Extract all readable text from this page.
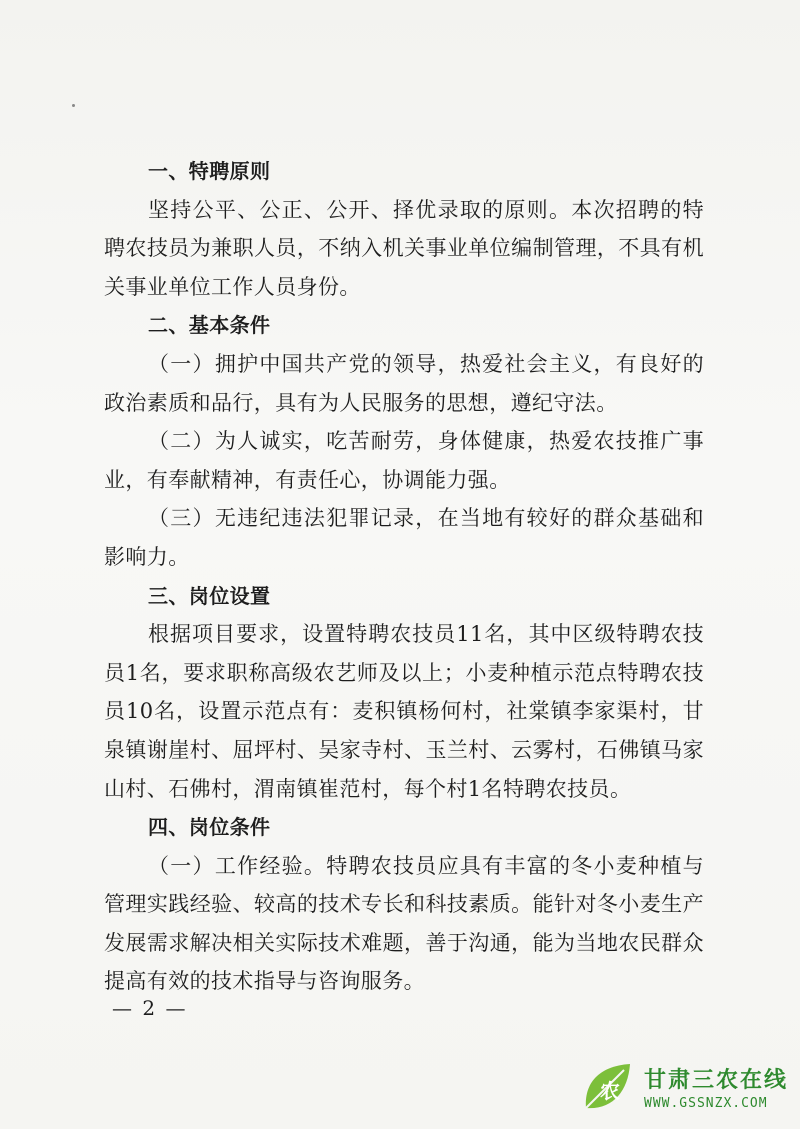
一、特聘原则

坚持公平、公正、公开、择优录取的原则。本次招聘的特聘农技员为兼职人员，不纳入机关事业单位编制管理，不具有机关事业单位工作人员身份。

二、基本条件

（一）拥护中国共产党的领导，热爱社会主义，有良好的政治素质和品行，具有为人民服务的思想，遵纪守法。

（二）为人诚实，吃苦耐劳，身体健康，热爱农技推广事业，有奉献精神，有责任心，协调能力强。

（三）无违纪违法犯罪记录，在当地有较好的群众基础和影响力。

三、岗位设置

根据项目要求，设置特聘农技员11名，其中区级特聘农技员1名，要求职称高级农艺师及以上；小麦种植示范点特聘农技员10名，设置示范点有：麦积镇杨何村，社棠镇李家渠村，甘泉镇谢崖村、屈坪村、吴家寺村、玉兰村、云雾村，石佛镇马家山村、石佛村，渭南镇崔范村，每个村1名特聘农技员。

四、岗位条件

（一）工作经验。特聘农技员应具有丰富的冬小麦种植与管理实践经验、较高的技术专长和科技素质。能针对冬小麦生产发展需求解决相关实际技术难题，善于沟通，能为当地农民群众提高有效的技术指导与咨询服务。

— 2 —
农 甘肃三农在线
WWW.GSSNZX.COM
